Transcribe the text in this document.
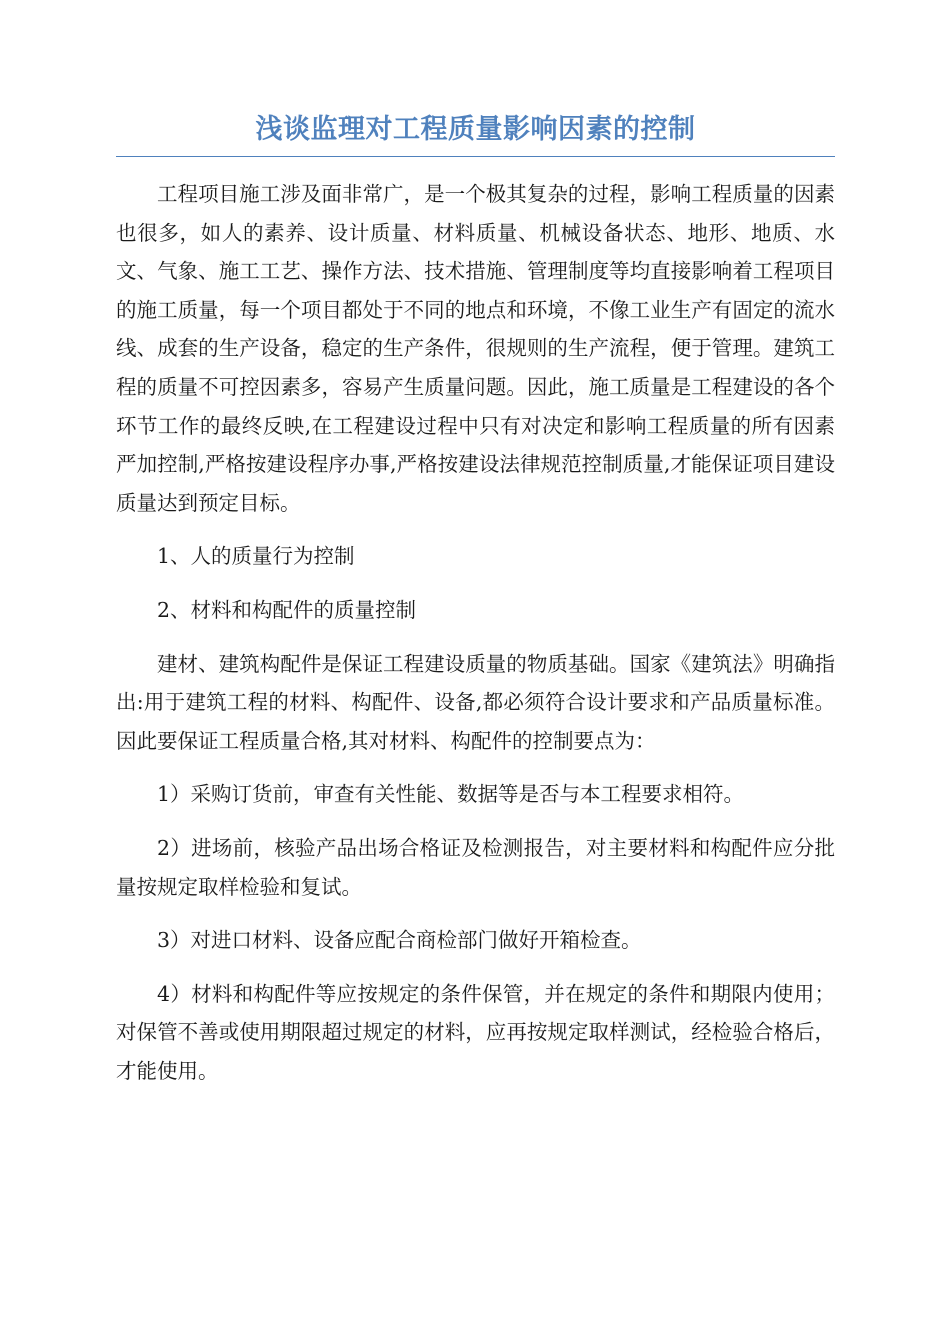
浅谈监理对工程质量影响因素的控制

工程项目施工涉及面非常广，是一个极其复杂的过程，影响工程质量的因素也很多，如人的素养、设计质量、材料质量、机械设备状态、地形、地质、水文、气象、施工工艺、操作方法、技术措施、管理制度等均直接影响着工程项目的施工质量，每一个项目都处于不同的地点和环境，不像工业生产有固定的流水线、成套的生产设备，稳定的生产条件，很规则的生产流程，便于管理。建筑工程的质量不可控因素多，容易产生质量问题。因此，施工质量是工程建设的各个环节工作的最终反映,在工程建设过程中只有对决定和影响工程质量的所有因素严加控制,严格按建设程序办事,严格按建设法律规范控制质量,才能保证项目建设质量达到预定目标。

1、人的质量行为控制

2、材料和构配件的质量控制

建材、建筑构配件是保证工程建设质量的物质基础。国家《建筑法》明确指出:用于建筑工程的材料、构配件、设备,都必须符合设计要求和产品质量标准。因此要保证工程质量合格,其对材料、构配件的控制要点为：

1）采购订货前，审查有关性能、数据等是否与本工程要求相符。

2）进场前，核验产品出场合格证及检测报告，对主要材料和构配件应分批量按规定取样检验和复试。

3）对进口材料、设备应配合商检部门做好开箱检查。

4）材料和构配件等应按规定的条件保管，并在规定的条件和期限内使用；对保管不善或使用期限超过规定的材料，应再按规定取样测试，经检验合格后，才能使用。
